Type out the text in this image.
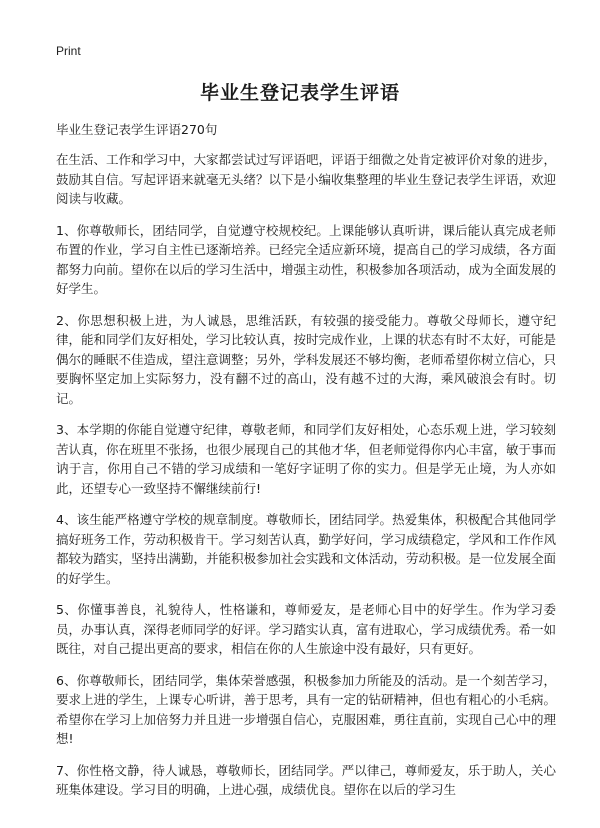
Print
毕业生登记表学生评语

毕业生登记表学生评语270句

在生活、工作和学习中，大家都尝试过写评语吧，评语于细微之处肯定被评价对象的进步，鼓励其自信。写起评语来就毫无头绪？以下是小编收集整理的毕业生登记表学生评语，欢迎阅读与收藏。

1、你尊敬师长，团结同学，自觉遵守校规校纪。上课能够认真听讲，课后能认真完成老师布置的作业，学习自主性已逐渐培养。已经完全适应新环境，提高自己的学习成绩，各方面都努力向前。望你在以后的学习生活中，增强主动性，积极参加各项活动，成为全面发展的好学生。

2、你思想积极上进，为人诚恳，思维活跃，有较强的接受能力。尊敬父母师长，遵守纪律，能和同学们友好相处，学习比较认真，按时完成作业，上课的状态有时不太好，可能是偶尔的睡眠不佳造成，望注意调整；另外，学科发展还不够均衡，老师希望你树立信心，只要胸怀坚定加上实际努力，没有翻不过的高山，没有越不过的大海，乘风破浪会有时。切记。

3、本学期的你能自觉遵守纪律，尊敬老师，和同学们友好相处，心态乐观上进，学习较刻苦认真，你在班里不张扬，也很少展现自己的其他才华，但老师觉得你内心丰富，敏于事而讷于言，你用自己不错的学习成绩和一笔好字证明了你的实力。但是学无止境，为人亦如此，还望专心一致坚持不懈继续前行!

4、该生能严格遵守学校的规章制度。尊敬师长，团结同学。热爱集体，积极配合其他同学搞好班务工作，劳动积极肯干。学习刻苦认真，勤学好问，学习成绩稳定，学风和工作作风都较为踏实，坚持出满勤，并能积极参加社会实践和文体活动，劳动积极。是一位发展全面的好学生。

5、你懂事善良，礼貌待人，性格谦和，尊师爱友，是老师心目中的好学生。作为学习委员，办事认真，深得老师同学的好评。学习踏实认真，富有进取心，学习成绩优秀。希一如既往，对自己提出更高的要求，相信在你的人生旅途中没有最好，只有更好。

6、你尊敬师长，团结同学，集体荣誉感强，积极参加力所能及的活动。是一个刻苦学习，要求上进的学生，上课专心听讲，善于思考，具有一定的钻研精神，但也有粗心的小毛病。希望你在学习上加倍努力并且进一步增强自信心，克服困难，勇往直前，实现自己心中的理想!

7、你性格文静，待人诚恳，尊敬师长，团结同学。严以律己，尊师爱友，乐于助人，关心班集体建设。学习目的明确，上进心强，成绩优良。望你在以后的学习生
